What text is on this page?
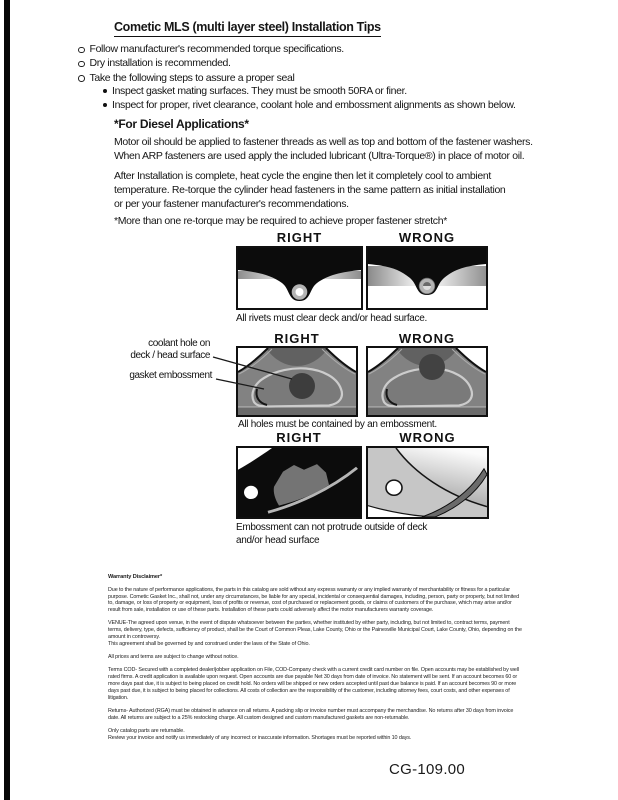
Cometic MLS (multi layer steel) Installation Tips
Follow manufacturer's recommended torque specifications.
Dry installation is recommended.
Take the following steps to assure a proper seal
Inspect gasket mating surfaces. They must be smooth 50RA or finer.
Inspect for proper, rivet clearance, coolant hole and embossment alignments as shown below.
*For Diesel Applications*
Motor oil should be applied to fastener threads as well as top and bottom of the fastener washers.
When ARP fasteners are used apply the included lubricant (Ultra-Torque®) in place of motor oil.
After Installation is complete, heat cycle the engine then let it completely cool to ambient
temperature. Re-torque the cylinder head fasteners in the same pattern as initial installation
or per your fastener manufacturer's recommendations.
*More than one re-torque may be required to achieve proper fastener stretch*
RIGHT	WRONG
All rivets must clear deck and/or head surface.
RIGHT	WRONG
coolant hole on
deck / head surface
gasket embossment
All holes must be contained by an embossment.
RIGHT	WRONG
Embossment can not protrude outside of deck
and/or head surface
Warranty Disclaimer*

Due to the nature of performance applications, the parts in this catalog are sold without any express warranty or any implied warranty of merchantability or fitness for a particular purpose. Cometic Gasket Inc., shall not, under any circumstances, be liable for any special, incidental or consequential damages, including, person, party or property, but not limited to, damage, or loss of property or equipment, loss of profits or revenue, cost of purchased or replacement goods, or claims of customers of the purchase, which may arise and/or result from sale, installation or use of these parts. Installation of these parts could adversely affect the motor manufacturers warranty coverage.

VENUE-The agreed upon venue, in the event of dispute whatsoever between the parties, whether instituted by either party, including, but not limited to, contract terms, payment terms, delivery, type, defects, sufficiency of product, shall be the Court of Common Pleas, Lake County, Ohio or the Painesville Municipal Court, Lake County, Ohio, depending on the amount in controversy.

This agreement shall be governed by and construed under the laws of the State of Ohio.

All prices and terms are subject to change without notice.

Terms COD- Secured with a completed dealer/jobber application on File, COD-Company check with a current credit card number on file. Open accounts may be established by well rated firms. A credit application is available upon request. Open accounts are due payable Net 30 days from date of invoice. No statement will be sent. If an account becomes 60 or more days past due, it is subject to being placed on credit hold. No orders will be shipped or new orders accepted until past due balance is paid. If an account becomes 90 or more days past due, it is subject to being placed for collections. All costs of collection are the responsibility of the customer, including attorney fees, court costs, and other expenses of litigation.

Returns- Authorized (RGA) must be obtained in advance on all returns. A packing slip or invoice number must accompany the merchandise. No returns after 30 days from invoice date. All returns are subject to a 25% restocking charge. All custom designed and custom manufactured gaskets are non-returnable.

Only catalog parts are returnable.

Review your invoice and notify us immediately of any incorrect or inaccurate information. Shortages must be reported within 10 days.

CG-109.00
